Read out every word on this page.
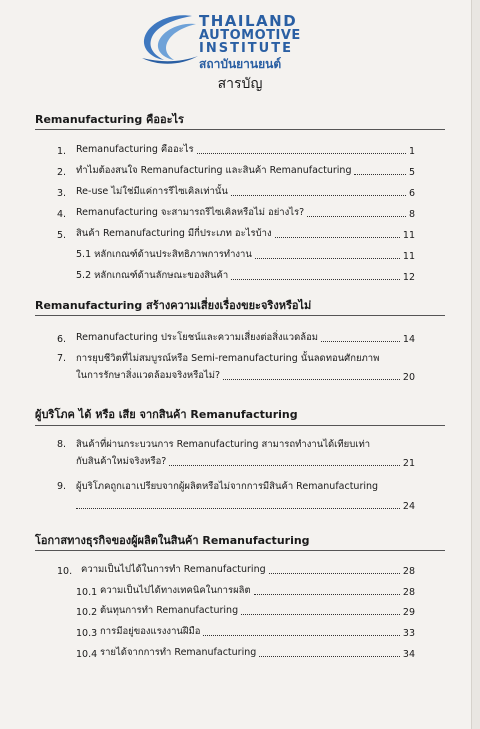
THAILAND
AUTOMOTIVE
INSTITUTE
สถาบันยานยนต์
สารบัญ
Remanufacturing คืออะไร
1.	Remanufacturing คืออะไร	1
2.	ทำไมต้องสนใจ Remanufacturing และสินค้า Remanufacturing	5
3.	Re-use ไม่ใช่มีแค่การรีไซเคิลเท่านั้น	6
4.	Remanufacturing จะสามารถรีไซเคิลหรือไม่ อย่างไร?	8
5.	สินค้า Remanufacturing มีกี่ประเภท อะไรบ้าง	11
5.1 หลักเกณฑ์ด้านประสิทธิภาพการทำงาน	11
5.2 หลักเกณฑ์ด้านลักษณะของสินค้า	12
Remanufacturing สร้างความเสี่ยงเรื่องขยะจริงหรือไม่
6.	Remanufacturing ประโยชน์และความเสี่ยงต่อสิ่งแวดล้อม	14
7. การยุบชีวิตที่ไม่สมบูรณ์หรือ Semi-remanufacturing นั้นลดทอนศักยภาพ
ในการรักษาสิ่งแวดล้อมจริงหรือไม่?	20
ผู้บริโภค ได้ หรือ เสีย จากสินค้า Remanufacturing
8. สินค้าที่ผ่านกระบวนการ Remanufacturing สามารถทำงานได้เทียบเท่า
กับสินค้าใหม่จริงหรือ?	21
9. ผู้บริโภคถูกเอาเปรียบจากผู้ผลิตหรือไม่จากการมีสินค้า Remanufacturing
24
โอกาสทางธุรกิจของผู้ผลิตในสินค้า Remanufacturing
10. ความเป็นไปได้ในการทำ Remanufacturing	28
10.1 ความเป็นไปได้ทางเทคนิคในการผลิต	28
10.2 ต้นทุนการทำ Remanufacturing	29
10.3 การมีอยู่ของแรงงานฝีมือ	33
10.4 รายได้จากการทำ Remanufacturing	34
